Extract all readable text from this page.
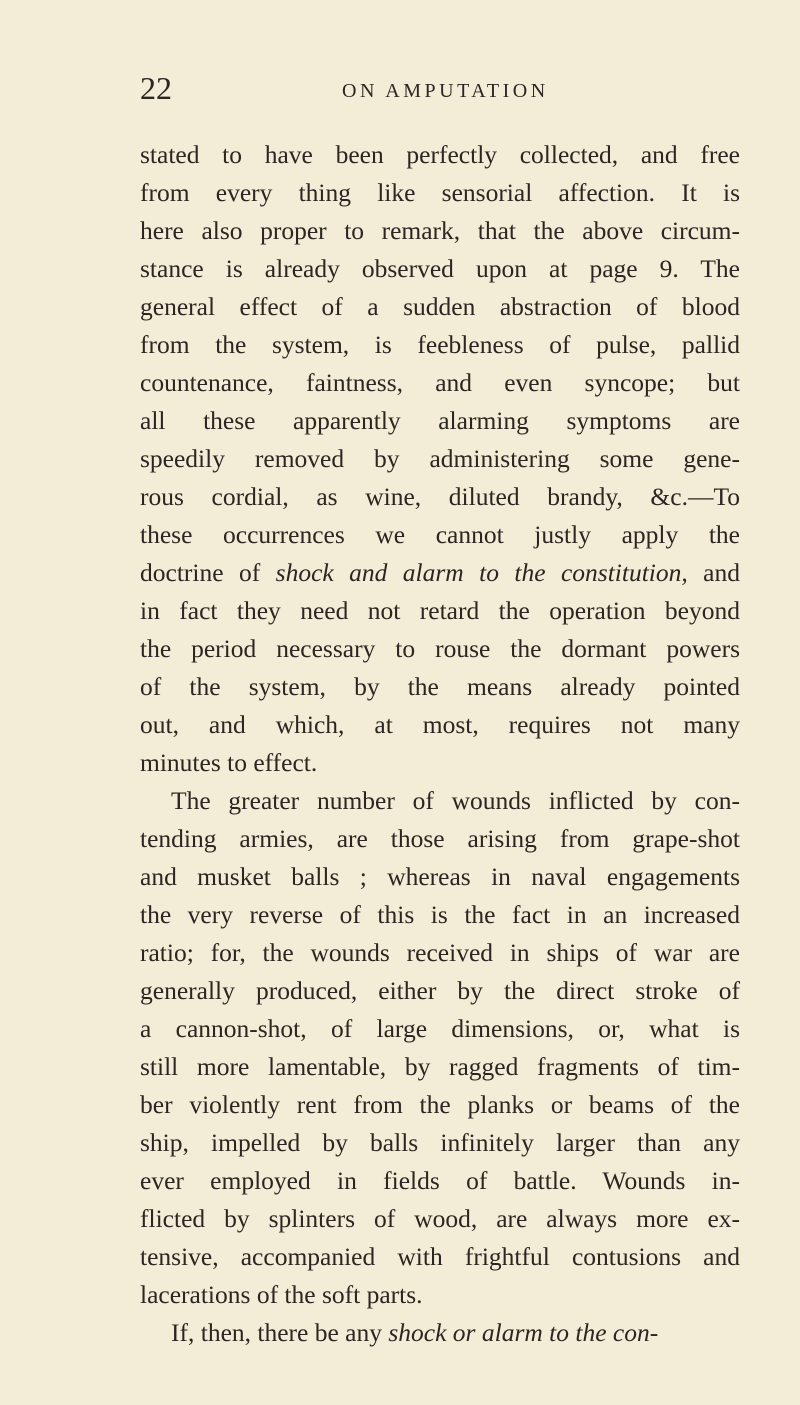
22	ON AMPUTATION
stated to have been perfectly collected, and free
from every thing like sensorial affection. It is
here also proper to remark, that the above circum-
stance is already observed upon at page 9. The
general effect of a sudden abstraction of blood
from the system, is feebleness of pulse, pallid
countenance, faintness, and even syncope; but
all these apparently alarming symptoms are
speedily removed by administering some gene-
rous cordial, as wine, diluted brandy, &c.—To
these occurrences we cannot justly apply the
doctrine of shock and alarm to the constitution, and
in fact they need not retard the operation beyond
the period necessary to rouse the dormant powers
of the system, by the means already pointed
out, and which, at most, requires not many
minutes to effect.
The greater number of wounds inflicted by con-
tending armies, are those arising from grape-shot
and musket balls ; whereas in naval engagements
the very reverse of this is the fact in an increased
ratio; for, the wounds received in ships of war are
generally produced, either by the direct stroke of
a cannon-shot, of large dimensions, or, what is
still more lamentable, by ragged fragments of tim-
ber violently rent from the planks or beams of the
ship, impelled by balls infinitely larger than any
ever employed in fields of battle. Wounds in-
flicted by splinters of wood, are always more ex-
tensive, accompanied with frightful contusions and
lacerations of the soft parts.
If, then, there be any shock or alarm to the con-
